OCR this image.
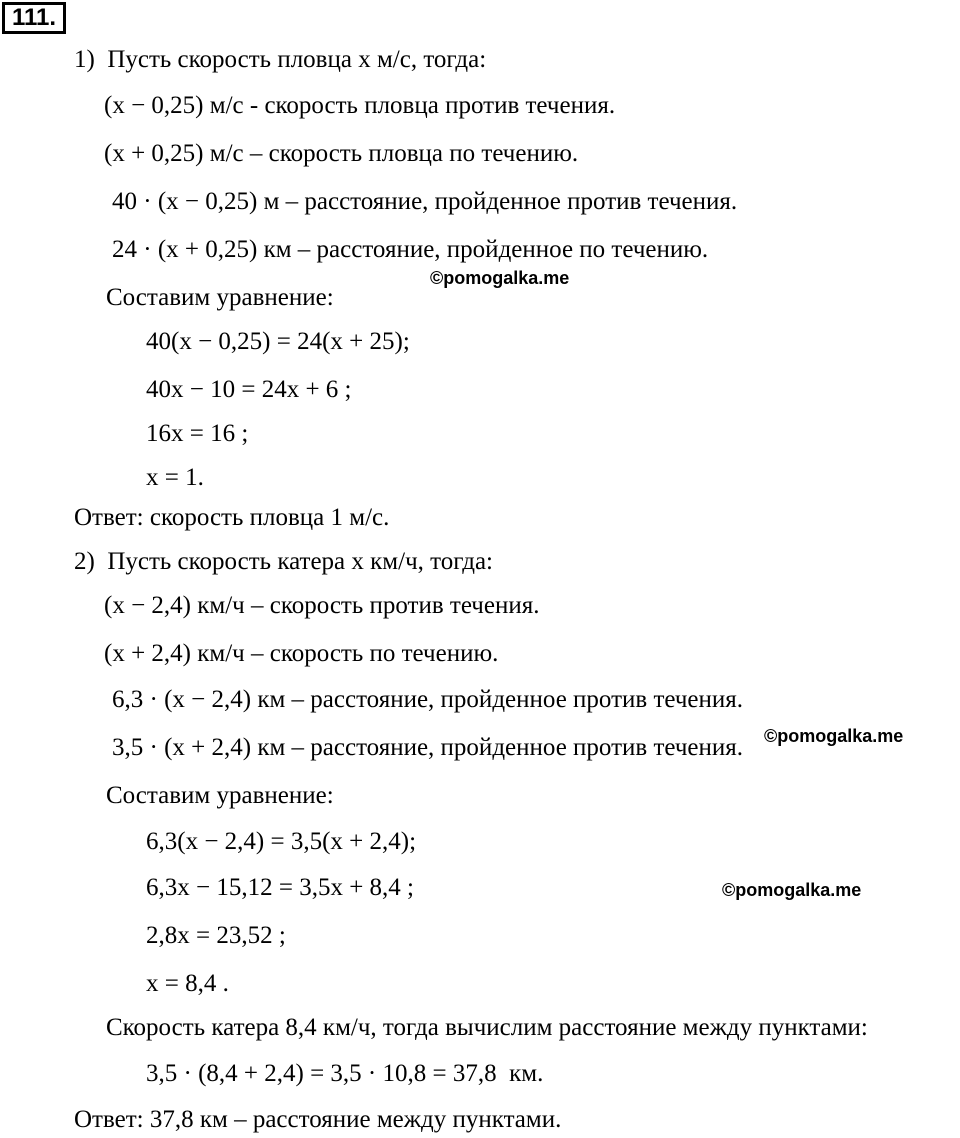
111.
1)  Пусть скорость пловца x м/с, тогда:
(x − 0,25) м/с - скорость пловца против течения.
(x + 0,25) м/с – скорость пловца по течению.
40 · (x − 0,25) м – расстояние, пройденное против течения.
24 · (x + 0,25) км – расстояние, пройденное по течению.
©pomogalka.me
Составим уравнение:
40(x − 0,25) = 24(x + 25);
40x − 10 = 24x + 6 ;
16x = 16 ;
x = 1.
Ответ: скорость пловца 1 м/с.
2)  Пусть скорость катера x км/ч, тогда:
(x − 2,4) км/ч – скорость против течения.
(x + 2,4) км/ч – скорость по течению.
6,3 · (x − 2,4) км – расстояние, пройденное против течения.
©pomogalka.me
3,5 · (x + 2,4) км – расстояние, пройденное против течения.
Составим уравнение:
6,3(x − 2,4) = 3,5(x + 2,4);
6,3x − 15,12 = 3,5x + 8,4 ;	©pomogalka.me
2,8x = 23,52 ;
x = 8,4 .
Скорость катера 8,4 км/ч, тогда вычислим расстояние между пунктами:
3,5 · (8,4 + 2,4) = 3,5 · 10,8 = 37,8  км.
Ответ: 37,8 км – расстояние между пунктами.
